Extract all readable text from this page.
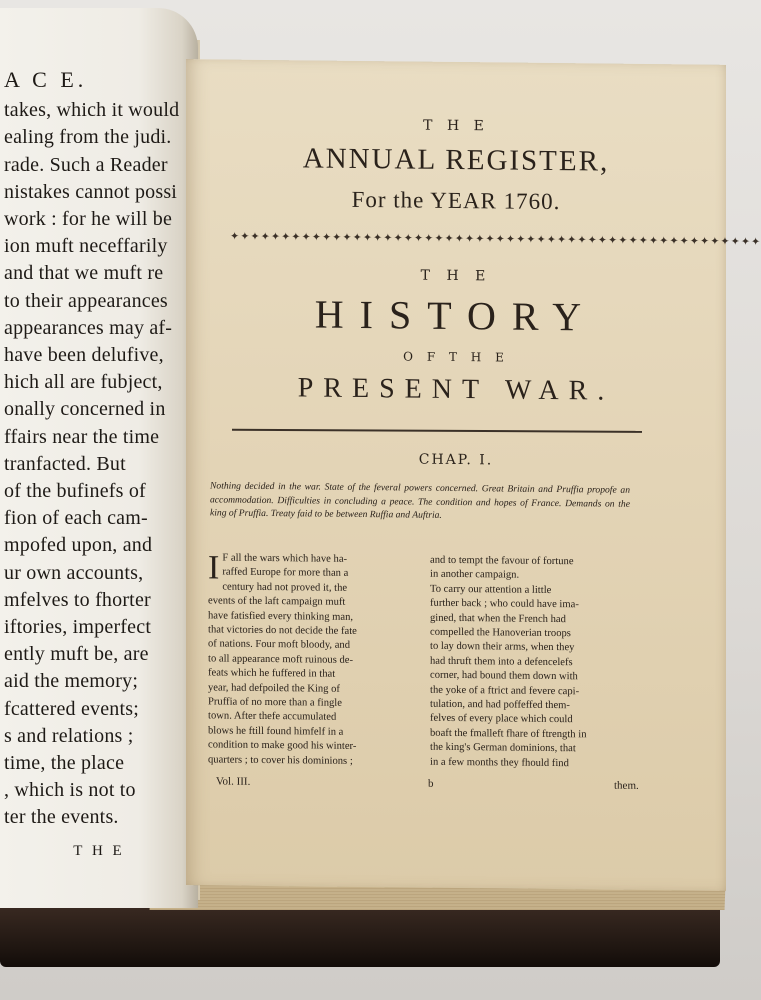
A C E.
takes, which it would
ealing from the judi.
rade. Such a Reader
nistakes cannot possi
work : for he will be
ion muft neceffarily
and that we muft re
to their appearances
appearances may af-
have been delufive,
hich all are fubject,
onally concerned in
ffairs near the time
tranfacted. But
of the bufinefs of
fion of each cam-
mpofed upon, and
ur own accounts,
mfelves to fhorter
iftories, imperfect
ently muft be, are
aid the memory;
fcattered events;
s and relations ;
time, the place
, which is not to
ter the events.
T H E
T H E
ANNUAL REGISTER,
For the YEAR 1760.
✦✦✦✦✦✦✦✦✦✦✦✦✦✦✦✦✦✦✦✦✦✦✦✦✦✦✦✦✦✦✦✦✦✦✦✦✦✦✦✦✦✦✦✦✦✦✦✦✦✦✦✦
T H E
HISTORY
O F T H E
PRESENT WAR.
CHAP. I.
Nothing decided in the war. State of the feveral powers concerned. Great Britain and Pruffia propofe an accommodation. Difficulties in concluding a peace. The condition and hopes of France. Demands on the king of Pruffia. Treaty faid to be between Ruffia and Auftria.
I F all the wars which have ha-
raffed Europe for more than a
century had not proved it, the
events of the laft campaign muft
have fatisfied every thinking man,
that victories do not decide the fate
of nations. Four moft bloody, and
to all appearance moft ruinous de-
feats which he fuffered in that
year, had defpoiled the King of
Pruffia of no more than a fingle
town. After thefe accumulated
blows he ftill found himfelf in a
condition to make good his winter-
quarters ; to cover his dominions ;
and to tempt the favour of fortune
in another campaign.
To carry our attention a little
further back ; who could have ima-
gined, that when the French had
compelled the Hanoverian troops
to lay down their arms, when they
had thruft them into a defencelefs
corner, had bound them down with
the yoke of a ftrict and fevere capi-
tulation, and had poffeffed them-
felves of every place which could
boaft the fmalleft fhare of ftrength in
the king's German dominions, that
in a few months they fhould find
Vol. III.	b	them.
